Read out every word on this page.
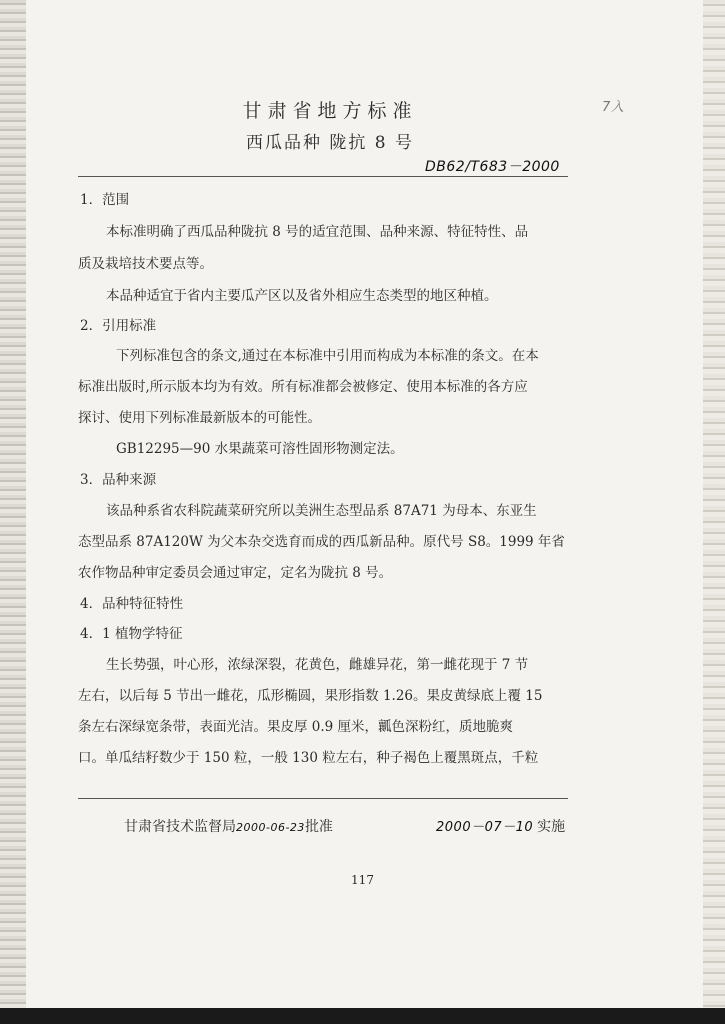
7入
甘肃省地方标准
西瓜品种 陇抗 8 号
DB62/T683－2000
1．范围
本标准明确了西瓜品种陇抗 8 号的适宜范围、品种来源、特征特性、品
质及栽培技术要点等。
本品种适宜于省内主要瓜产区以及省外相应生态类型的地区种植。
2．引用标准
下列标准包含的条文,通过在本标准中引用而构成为本标准的条文。在本
标准出版时,所示版本均为有效。所有标准都会被修定、使用本标准的各方应
探讨、使用下列标准最新版本的可能性。
GB12295—90 水果蔬菜可溶性固形物测定法。
3．品种来源
该品种系省农科院蔬菜研究所以美洲生态型品系 87A71 为母本、东亚生
态型品系 87A120W 为父本杂交选育而成的西瓜新品种。原代号 S8。1999 年省
农作物品种审定委员会通过审定，定名为陇抗 8 号。
4．品种特征特性
4．1 植物学特征
生长势强，叶心形，浓绿深裂，花黄色，雌雄异花，第一雌花现于 7 节
左右，以后每 5 节出一雌花，瓜形椭圆，果形指数 1.26。果皮黄绿底上覆 15
条左右深绿宽条带，表面光洁。果皮厚 0.9 厘米，瓤色深粉红，质地脆爽
口。单瓜结籽数少于 150 粒，一般 130 粒左右，种子褐色上覆黑斑点，千粒
甘肃省技术监督局2000-06-23批准	2000－07－10 实施
117
